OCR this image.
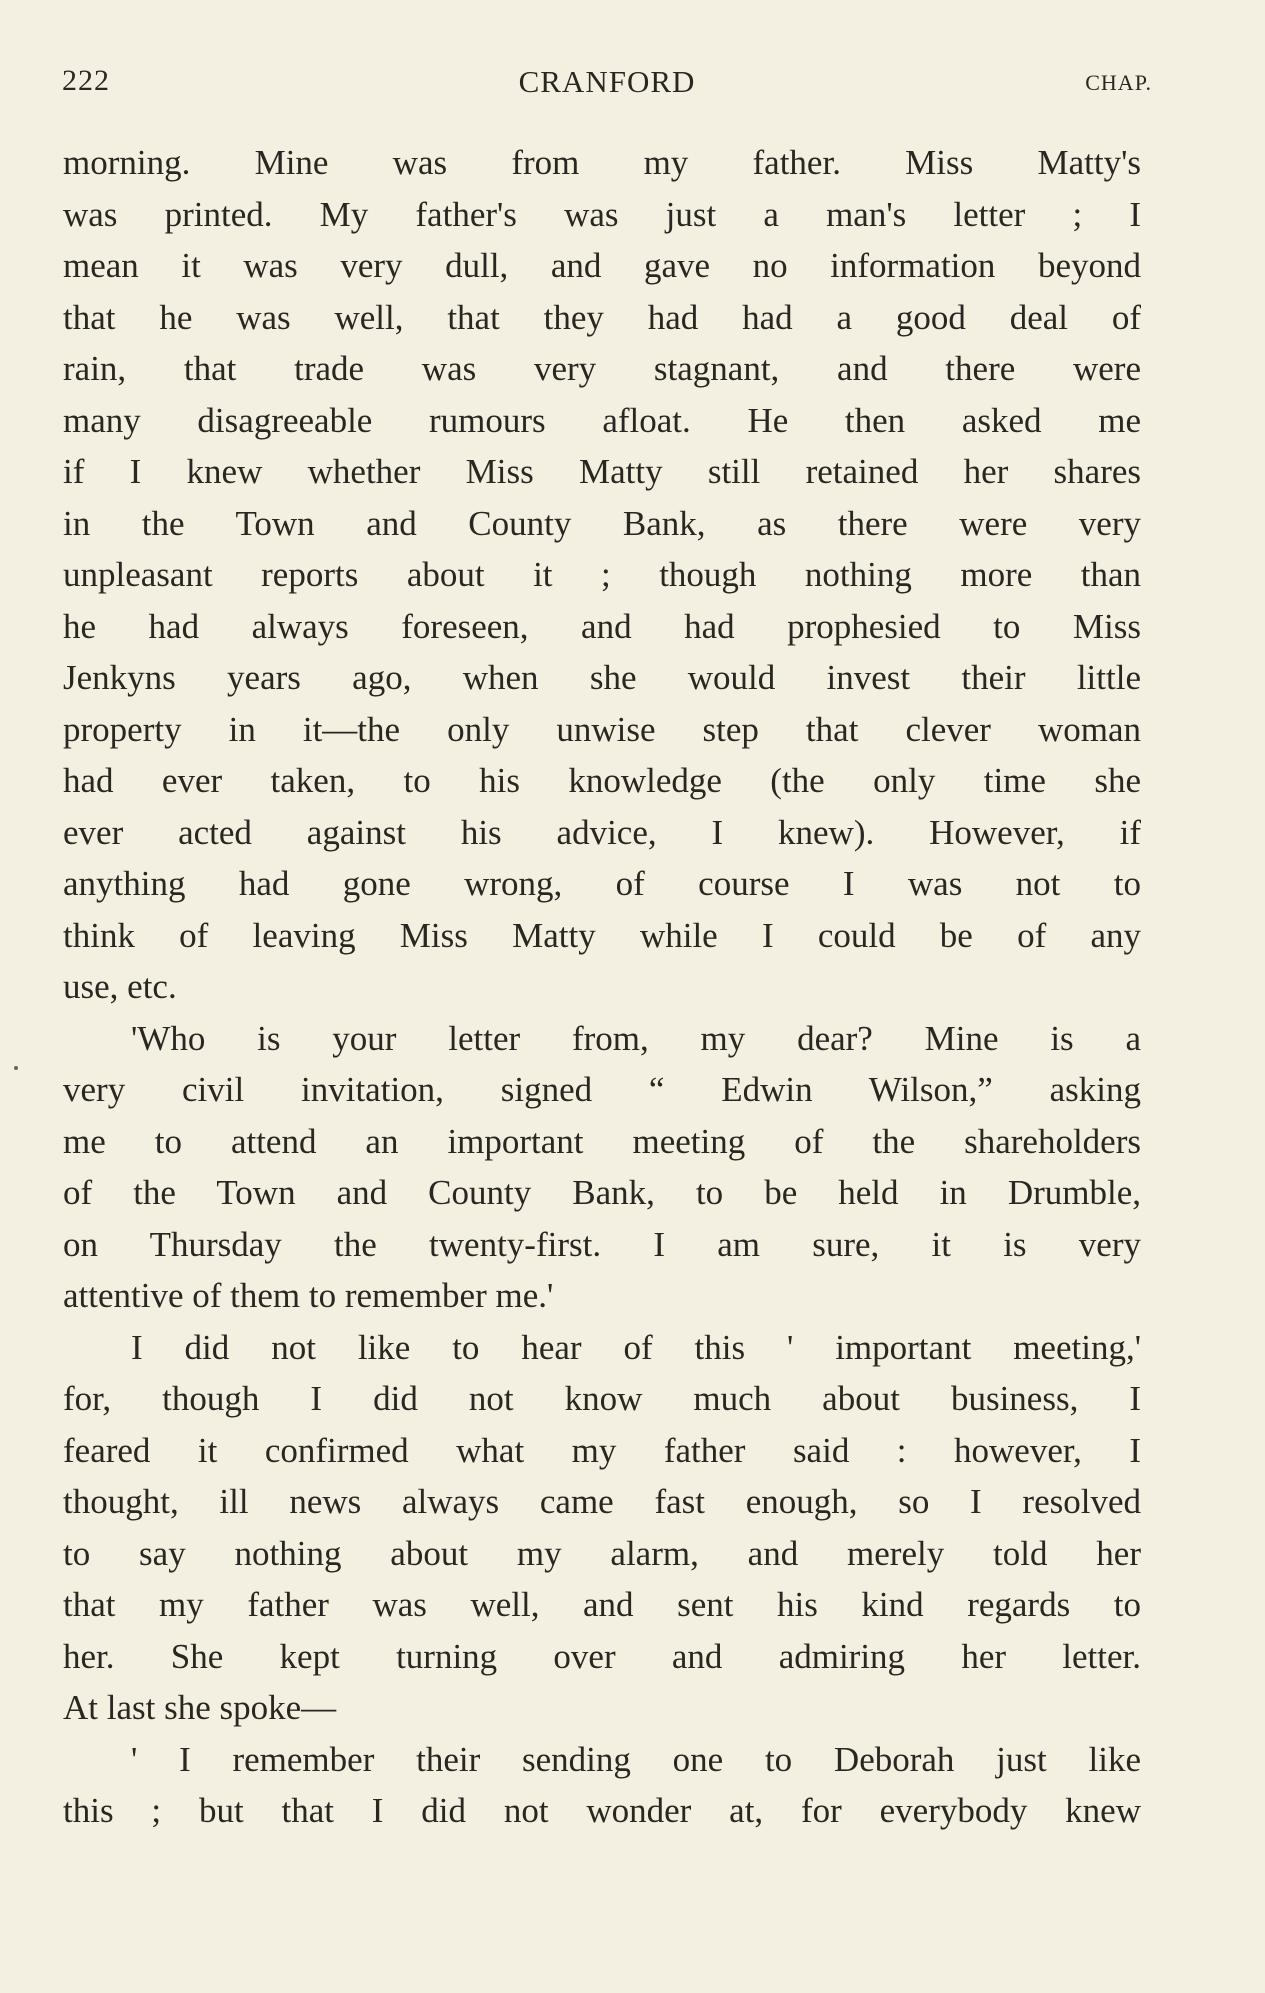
222	CRANFORD	CHAP.
morning. Mine was from my father. Miss Matty's
was printed. My father's was just a man's letter ; I
mean it was very dull, and gave no information beyond
that he was well, that they had had a good deal of
rain, that trade was very stagnant, and there were
many disagreeable rumours afloat. He then asked me
if I knew whether Miss Matty still retained her shares
in the Town and County Bank, as there were very
unpleasant reports about it ; though nothing more than
he had always foreseen, and had prophesied to Miss
Jenkyns years ago, when she would invest their little
property in it—the only unwise step that clever woman
had ever taken, to his knowledge (the only time she
ever acted against his advice, I knew). However, if
anything had gone wrong, of course I was not to
think of leaving Miss Matty while I could be of any
use, etc.
'Who is your letter from, my dear? Mine is a
very civil invitation, signed “ Edwin Wilson,” asking
me to attend an important meeting of the shareholders
of the Town and County Bank, to be held in Drumble,
on Thursday the twenty-first. I am sure, it is very
attentive of them to remember me.'
I did not like to hear of this ' important meeting,'
for, though I did not know much about business, I
feared it confirmed what my father said : however, I
thought, ill news always came fast enough, so I resolved
to say nothing about my alarm, and merely told her
that my father was well, and sent his kind regards to
her. She kept turning over and admiring her letter.
At last she spoke—
' I remember their sending one to Deborah just like
this ; but that I did not wonder at, for everybody knew
